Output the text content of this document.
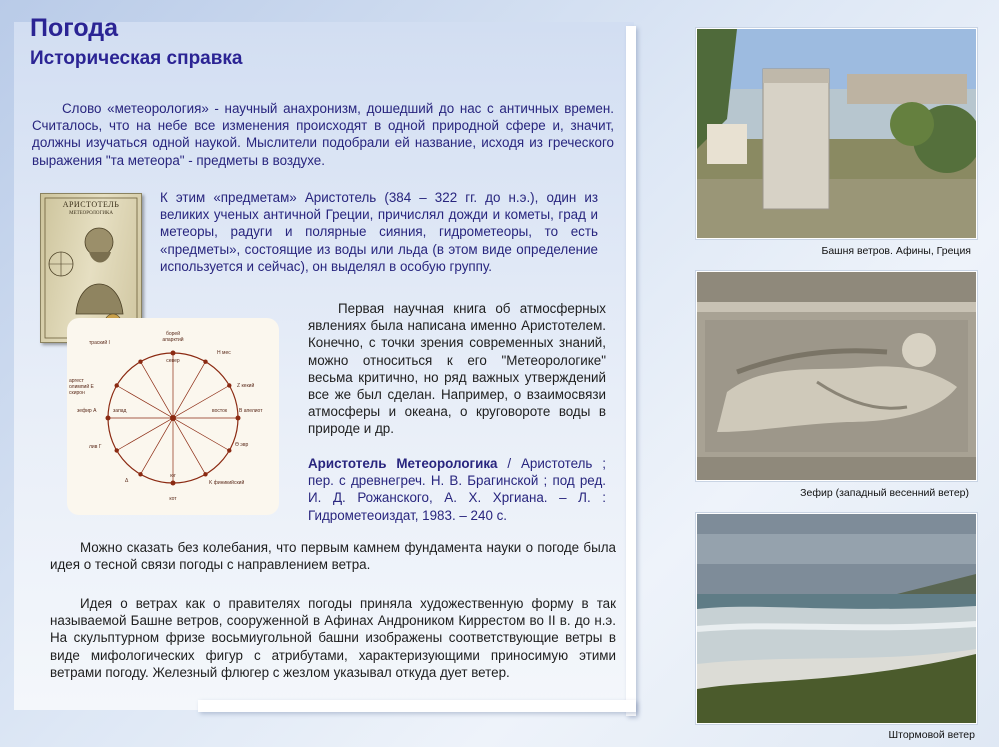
Погода
Историческая справка

Слово «метеорология» - научный анахронизм, дошедший до нас с античных времен. Считалось, что на небе все изменения происходят в одной природной сфере и, значит, должны изучаться одной наукой. Мыслители подобрали ей название, исходя из греческого выражения "та метеора" - предметы в воздухе.

АРИСТОТЕЛЬ
МЕТЕОРОЛОГИКА

К этим «предметам» Аристотель (384 – 322 гг. до н.э.), один из великих ученых античной Греции, причислял дожди и кометы, град и метеоры, радуги и полярные сияния, гидрометеоры, то есть «предметы», состоящие из воды или льда (в этом виде определение используется и сейчас), он выделял в особую группу.

борей
апарктий
север
юг
кот
зефир А	запад	восток В апелиот
трaский I
H мес
аргест
олимпий E
скирон
Z кекий
лив Г	Θ эвр
Δ	K финикийский

Первая научная книга об атмосферных явлениях была написана именно Аристотелем. Конечно, с точки зрения современных знаний, можно относиться к его "Метеорологике" весьма критично, но ряд важных утверждений все же был сделан. Например, о взаимосвязи атмосферы и океана, о круговороте воды в природе и др.

Аристотель Метеорологика / Аристотель ; пер. с древнегреч. Н. В. Брагинской ; под ред. И. Д. Рожанского, А. Х. Хргиана. – Л. : Гидрометеоиздат, 1983. – 240 с.

Можно сказать без колебания, что первым камнем фундамента науки о погоде была идея о тесной связи погоды с направлением ветра.

Идея о ветрах как о правителях погоды приняла художественную форму в так называемой Башне ветров, сооруженной в Афинах Андроником Киррестом во II в. до н.э. На скульптурном фризе восьмиугольной башни изображены соответствующие ветры в виде мифологических фигур с атрибутами, характеризующими приносимую этими ветрами погоду. Железный флюгер с жезлом указывал откуда дует ветер.

Башня ветров. Афины, Греция
Зефир (западный весенний ветер)
Штормовой ветер
